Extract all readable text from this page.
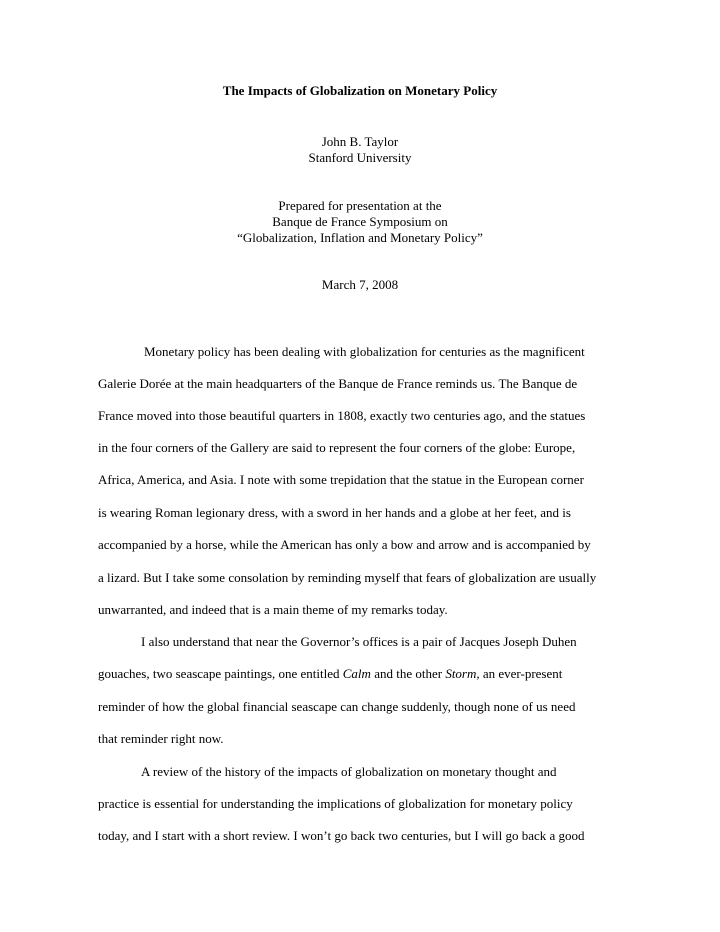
The Impacts of Globalization on Monetary Policy
John B. Taylor
Stanford University
Prepared for presentation at the
Banque de France Symposium on
“Globalization, Inflation and Monetary Policy”
March 7, 2008
Monetary policy has been dealing with globalization for centuries as the magnificent
Galerie Dorée at the main headquarters of the Banque de France reminds us. The Banque de
France moved into those beautiful quarters in 1808, exactly two centuries ago, and the statues
in the four corners of the Gallery are said to represent the four corners of the globe: Europe,
Africa, America, and Asia. I note with some trepidation that the statue in the European corner
is wearing Roman legionary dress, with a sword in her hands and a globe at her feet, and is
accompanied by a horse, while the American has only a bow and arrow and is accompanied by
a lizard. But I take some consolation by reminding myself that fears of globalization are usually
unwarranted, and indeed that is a main theme of my remarks today.
I also understand that near the Governor’s offices is a pair of Jacques Joseph Duhen
gouaches, two seascape paintings, one entitled Calm and the other Storm, an ever-present
reminder of how the global financial seascape can change suddenly, though none of us need
that reminder right now.
A review of the history of the impacts of globalization on monetary thought and
practice is essential for understanding the implications of globalization for monetary policy
today, and I start with a short review. I won’t go back two centuries, but I will go back a good
